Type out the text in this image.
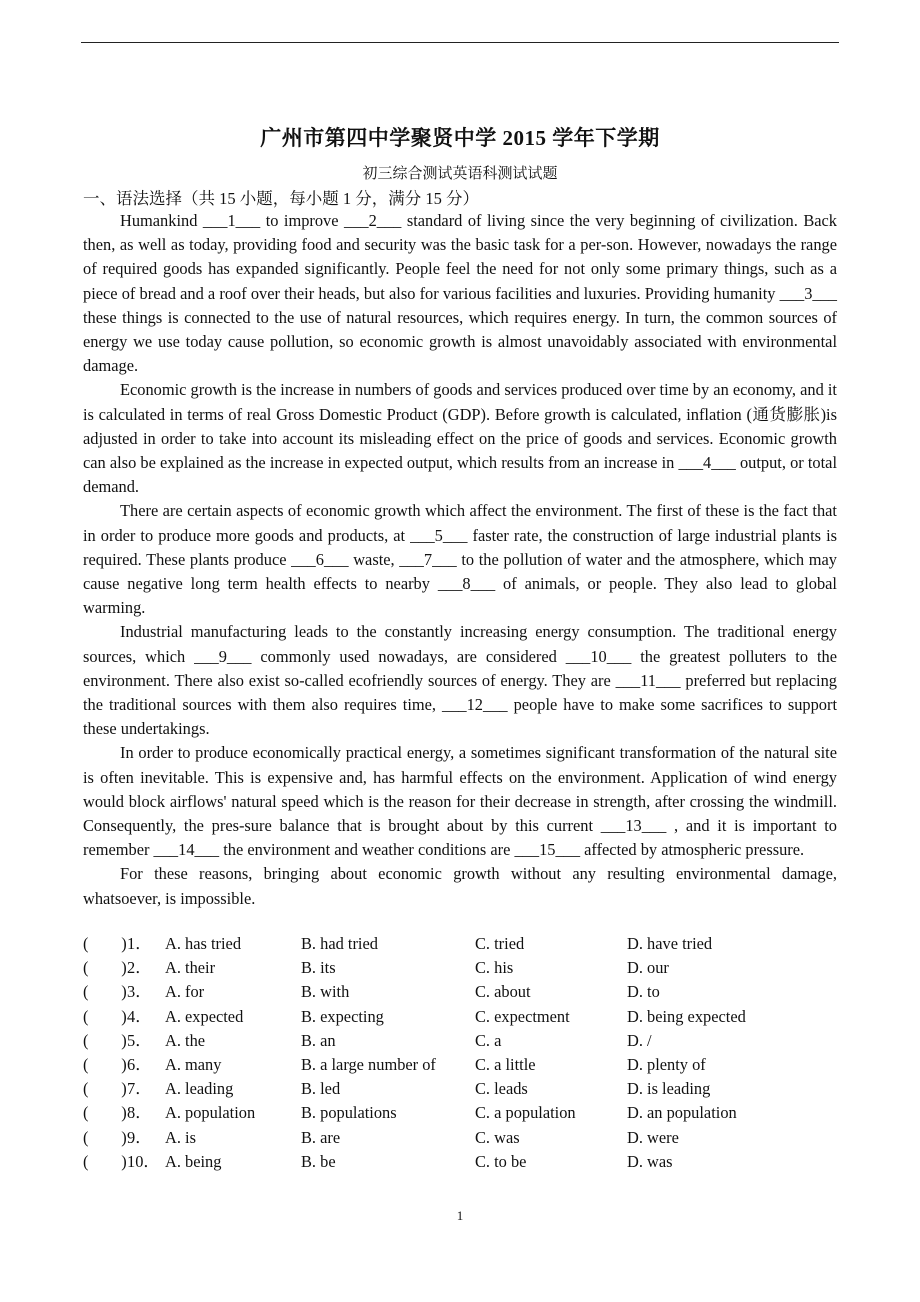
广州市第四中学聚贤中学 2015 学年下学期
初三综合测试英语科测试试题
一、语法选择（共 15 小题，每小题 1 分，满分 15 分）

Humankind ___1___ to improve ___2___ standard of living since the very beginning of civilization. Back then, as well as today, providing food and security was the basic task for a per-son. However, nowadays the range of required goods has expanded significantly. People feel the need for not only some primary things, such as a piece of bread and a roof over their heads, but also for various facilities and luxuries. Providing humanity ___3___ these things is connected to the use of natural resources, which requires energy. In turn, the common sources of energy we use today cause pollution, so economic growth is almost unavoidably associated with environmental damage.

Economic growth is the increase in numbers of goods and services produced over time by an economy, and it is calculated in terms of real Gross Domestic Product (GDP). Before growth is calculated, inflation (通货膨胀)is adjusted in order to take into account its misleading effect on the price of goods and services. Economic growth can also be explained as the increase in expected output, which results from an increase in ___4___ output, or total demand.

There are certain aspects of economic growth which affect the environment. The first of these is the fact that in order to produce more goods and products, at ___5___ faster rate, the construction of large industrial plants is required. These plants produce ___6___ waste, ___7___ to the pollution of water and the atmosphere, which may cause negative long term health effects to nearby ___8___ of animals, or people. They also lead to global warming.

Industrial manufacturing leads to the constantly increasing energy consumption. The traditional energy sources, which ___9___ commonly used nowadays, are considered ___10___ the greatest polluters to the environment. There also exist so-called ecofriendly sources of energy. They are ___11___ preferred but replacing the traditional sources with them also requires time, ___12___ people have to make some sacrifices to support these undertakings.

In order to produce economically practical energy, a sometimes significant transformation of the natural site is often inevitable. This is expensive and, has harmful effects on the environment. Application of wind energy would block airflows' natural speed which is the reason for their decrease in strength, after crossing the windmill. Consequently, the pres-sure balance that is brought about by this current ___13___ , and it is important to remember ___14___ the environment and weather conditions are ___15___ affected by atmospheric pressure.

For these reasons, bringing about economic growth without any resulting environmental damage, whatsoever, is impossible.

(　　) 1． A. has tried	B. had tried	C. tried	D. have tried
(　　) 2． A. their	B. its	C. his	D. our
(　　) 3． A. for	B. with	C. about	D. to
(　　) 4． A. expected	B. expecting	C. expectment	D. being expected
(　　) 5． A. the	B. an	C. a	D. /
(　　) 6． A. many	B. a large number of C. a little	D. plenty of
(　　) 7． A. leading	B. led	C. leads	D. is leading
(　　) 8． A. population	B. populations	C. a population	D. an population
(　　) 9． A. is	B. are	C. was	D. were
(　　) 10． A. being	B. be	C. to be	D. was
1
